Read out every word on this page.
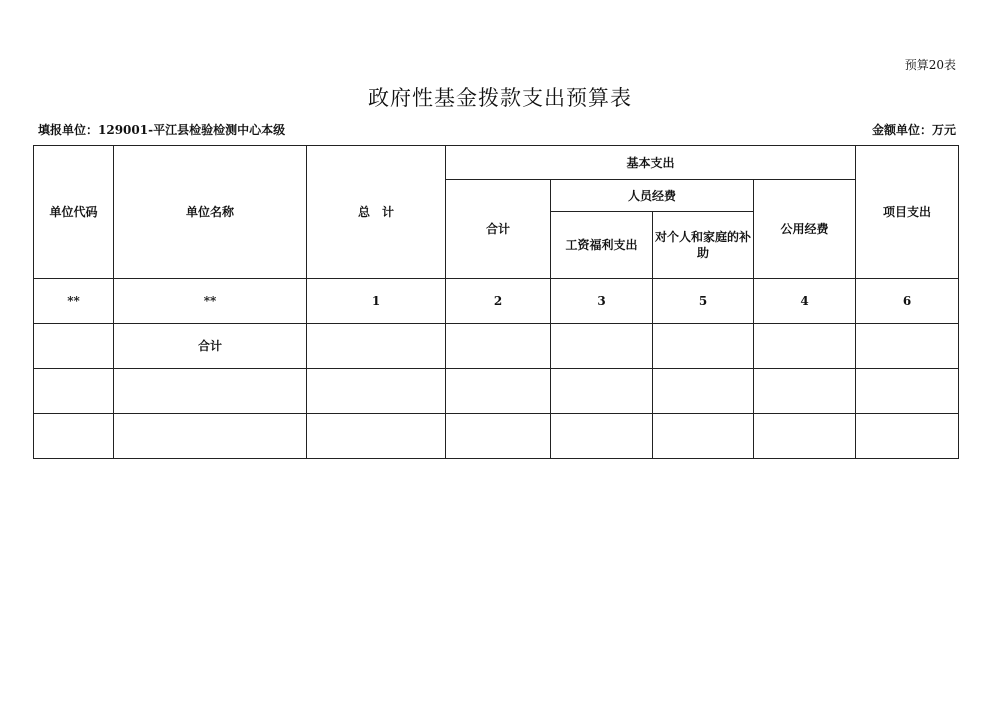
预算20表
政府性基金拨款支出预算表
填报单位：129001-平江县检验检测中心本级	金额单位：万元
单位代码	单位名称	总　计	基本支出				项目支出
			合计	人员经费		公用经费	
				工资福利支出	对个人和家庭的补助		
**	**	1	2	3	5	4	6
	合计						
